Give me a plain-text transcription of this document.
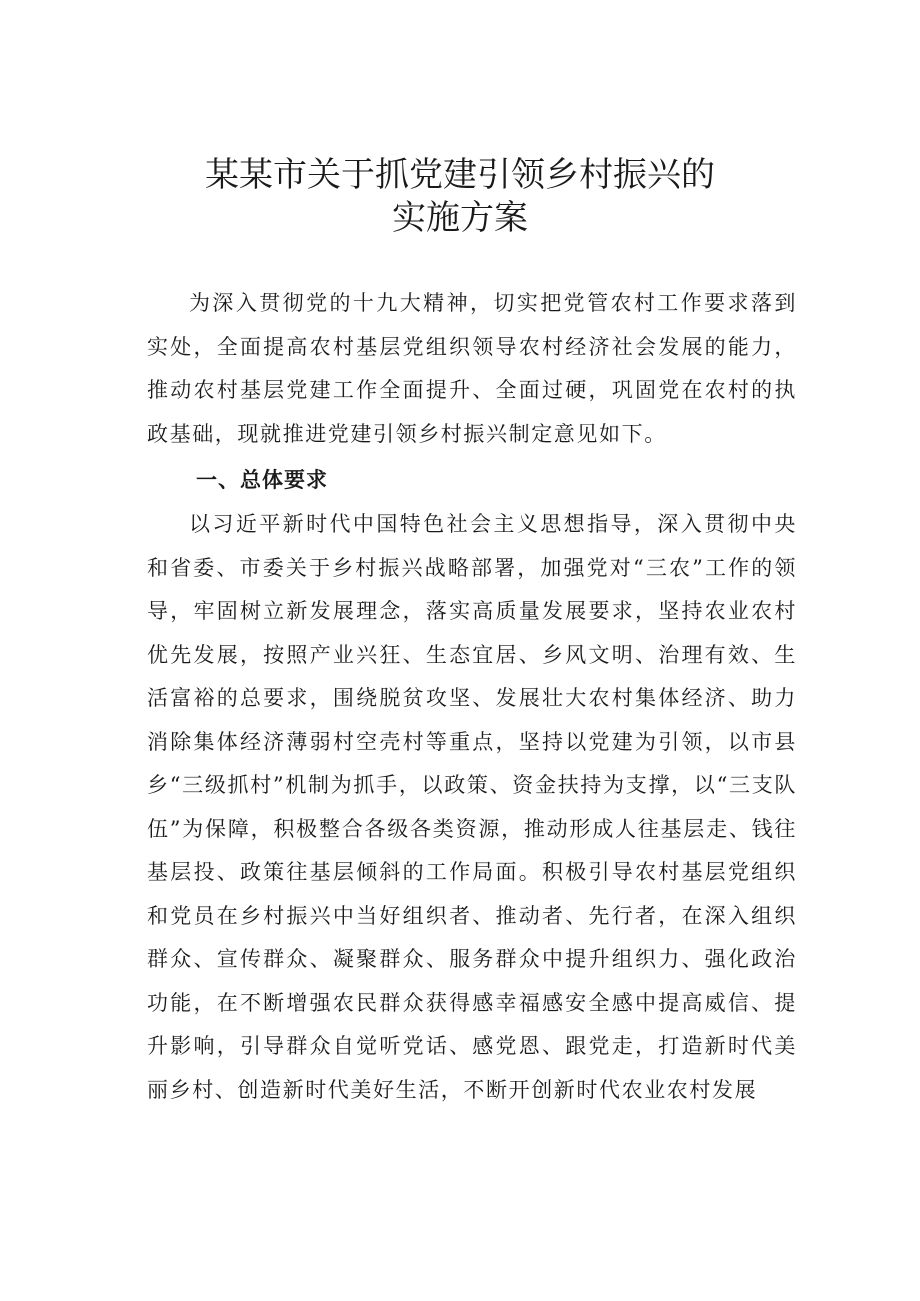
某某市关于抓党建引领乡村振兴的
实施方案

为深入贯彻党的十九大精神，切实把党管农村工作要求落到实处，全面提高农村基层党组织领导农村经济社会发展的能力，推动农村基层党建工作全面提升、全面过硬，巩固党在农村的执政基础，现就推进党建引领乡村振兴制定意见如下。

一、总体要求

以习近平新时代中国特色社会主义思想指导，深入贯彻中央和省委、市委关于乡村振兴战略部署，加强党对“三农”工作的领导，牢固树立新发展理念，落实高质量发展要求，坚持农业农村优先发展，按照产业兴狂、生态宜居、乡风文明、治理有效、生活富裕的总要求，围绕脱贫攻坚、发展壮大农村集体经济、助力消除集体经济薄弱村空壳村等重点，坚持以党建为引领，以市县乡“三级抓村”机制为抓手，以政策、资金扶持为支撑，以“三支队伍”为保障，积极整合各级各类资源，推动形成人往基层走、钱往基层投、政策往基层倾斜的工作局面。积极引导农村基层党组织和党员在乡村振兴中当好组织者、推动者、先行者，在深入组织群众、宣传群众、凝聚群众、服务群众中提升组织力、强化政治功能，在不断增强农民群众获得感幸福感安全感中提高威信、提升影响，引导群众自觉听党话、感党恩、跟党走，打造新时代美丽乡村、创造新时代美好生活，不断开创新时代农业农村发展
